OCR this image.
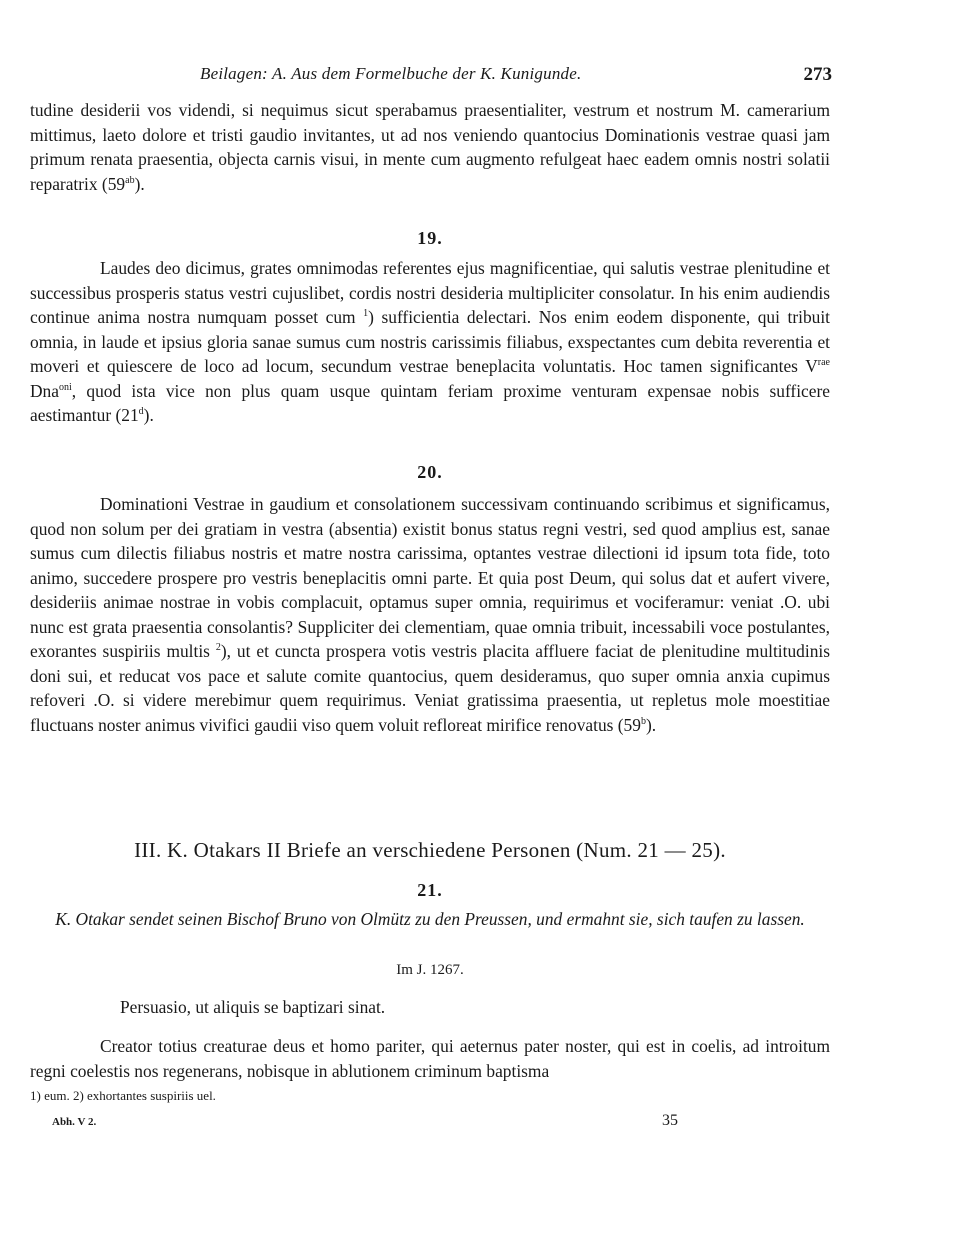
Beilagen: A. Aus dem Formelbuche der K. Kunigunde.	273

tudine desiderii vos videndi, si nequimus sicut sperabamus praesentialiter, vestrum et nostrum M. camerarium mittimus, laeto dolore et tristi gaudio invitantes, ut ad nos veniendo quantocius Dominationis vestrae quasi jam primum renata praesentia, objecta carnis visui, in mente cum augmento refulgeat haec eadem omnis nostri solatii reparatrix $(59^{ab})$.

19.

Laudes deo dicimus, grates omnimodas referentes ejus magnificentiae, qui salutis vestrae plenitudine et successibus prosperis status vestri cujuslibet, cordis nostri desideria multipliciter consolatur. In his enim audiendis continue anima nostra numquam posset cum $^1$) sufficientia delectari. Nos enim eodem disponente, qui tribuit omnia, in laude et ipsius gloria sanae sumus cum nostris carissimis filiabus, exspectantes cum debita reverentia et moveri et quiescere de loco ad locum, secundum vestrae beneplacita voluntatis. Hoc tamen significantes $V^{rae}$ Dna$^{oni}$, quod ista vice non plus quam usque quintam feriam proxime venturam expensae nobis sufficere aestimantur (21$^d$).

20.

Dominationi Vestrae in gaudium et consolationem successivam continuando scribimus et significamus, quod non solum per dei gratiam in vestra (absentia) existit bonus status regni vestri, sed quod amplius est, sanae sumus cum dilectis filiabus nostris et matre nostra carissima, optantes vestrae dilectioni id ipsum tota fide, toto animo, succedere prospere pro vestris beneplacitis omni parte. Et quia post Deum, qui solus dat et aufert vivere, desideriis animae nostrae in vobis complacuit, optamus super omnia, requirimus et vociferamur: veniat .O. ubi nunc est grata praesentia consolantis? Suppliciter dei clementiam, quae omnia tribuit, incessabili voce postulantes, exorantes suspiriis multis $^2$), ut et cuncta prospera votis vestris placita affluere faciat de plenitudine multitudinis doni sui, et reducat vos pace et salute comite quantocius, quem desideramus, quo super omnia anxia cupimus refoveri .O. si videre merebimur quem requirimus. Veniat gratissima praesentia, ut repletus mole moestitiae fluctuans noster animus vivifici gaudii viso quem voluit refloreat mirifice renovatus (59$^b$).

III. K. Otakars II Briefe an verschiedene Personen (Num. 21 — 25).
21.
K. Otakar sendet seinen Bischof Bruno von Olmütz zu den Preussen, und ermahnt sie, sich taufen zu lassen.
Im J. 1267.

Persuasio, ut aliquis se baptizari sinat.

Creator totius creaturae deus et homo pariter, qui aeternus pater noster, qui est in coelis, ad introitum regni coelestis nos regenerans, nobisque in ablutionem criminum baptisma

1) eum. 2) exhortantes suspiriis uel.
Abh. V 2.	35
